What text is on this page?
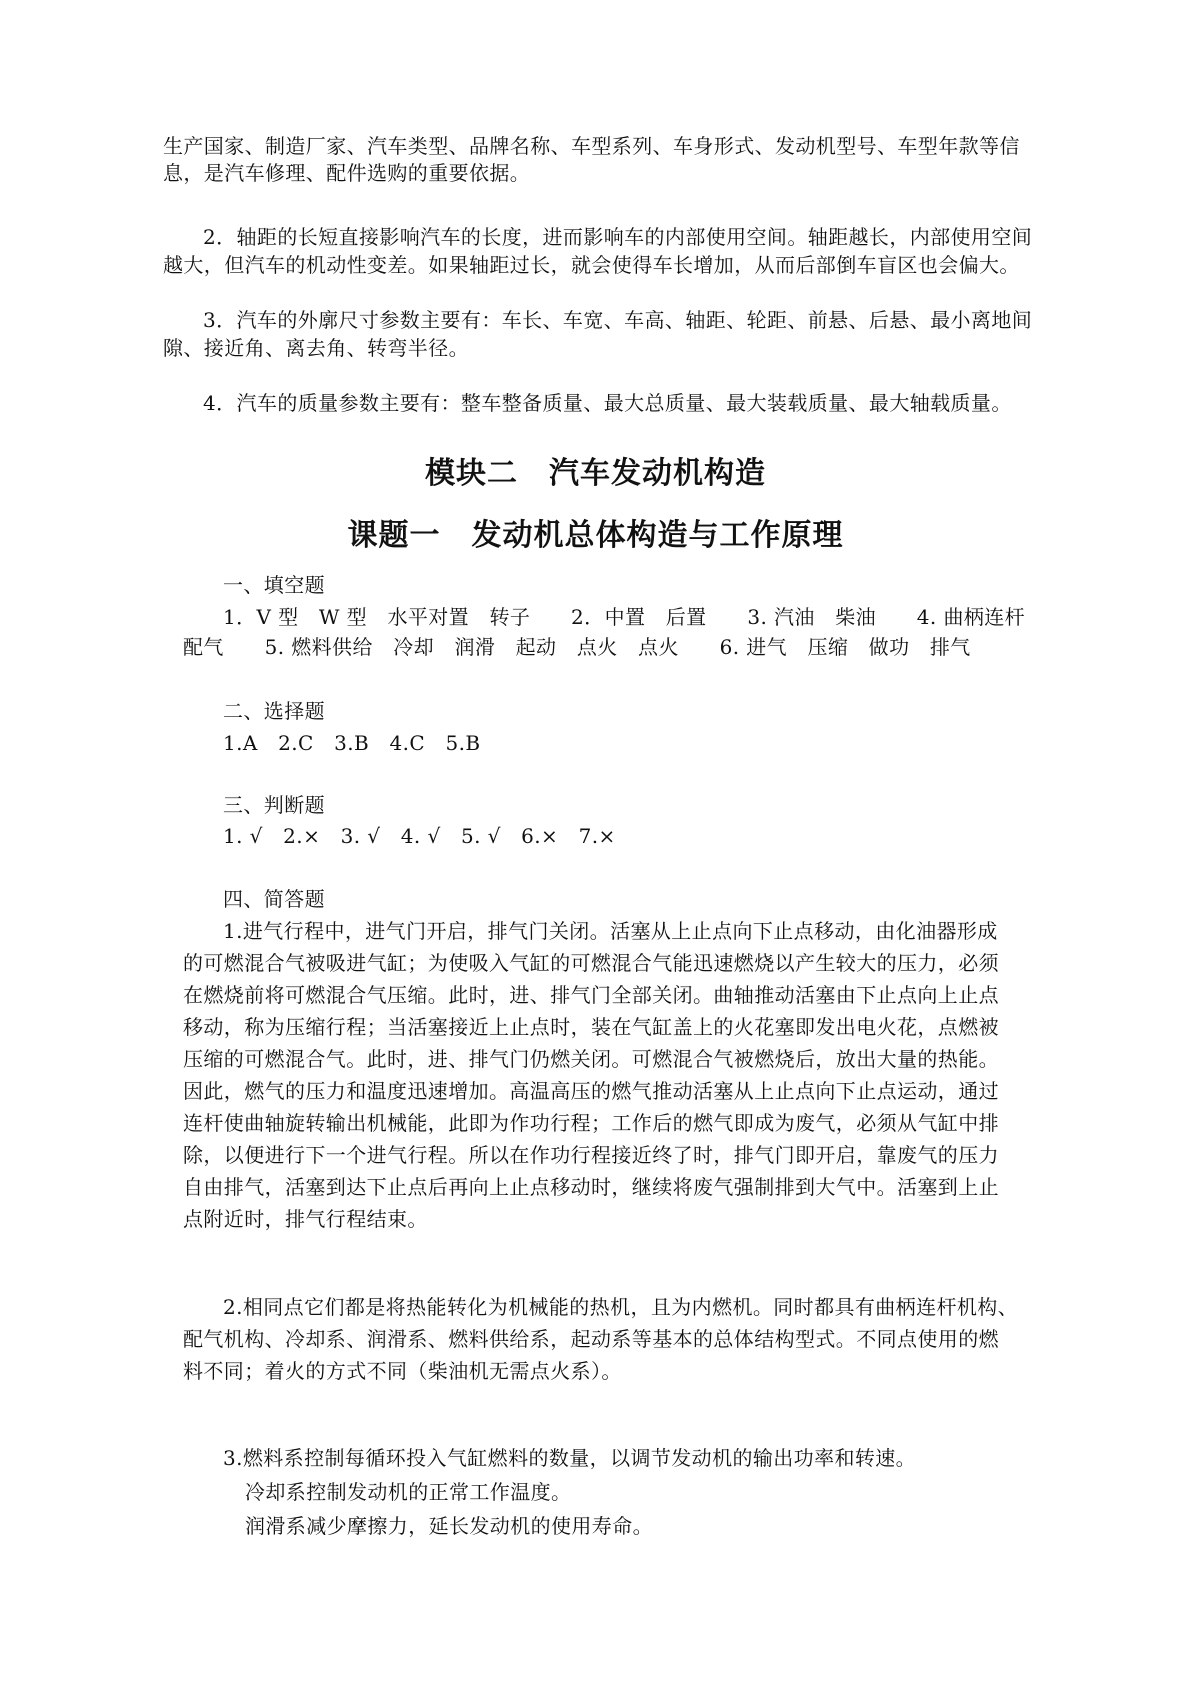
生产国家、制造厂家、汽车类型、品牌名称、车型系列、车身形式、发动机型号、车型年款等信
息，是汽车修理、配件选购的重要依据。
2．轴距的长短直接影响汽车的长度，进而影响车的内部使用空间。轴距越长，内部使用空间
越大，但汽车的机动性变差。如果轴距过长，就会使得车长增加，从而后部倒车盲区也会偏大。
3．汽车的外廓尺寸参数主要有：车长、车宽、车高、轴距、轮距、前悬、后悬、最小离地间
隙、接近角、离去角、转弯半径。
4．汽车的质量参数主要有：整车整备质量、最大总质量、最大装载质量、最大轴载质量。
模块二　汽车发动机构造
课题一　发动机总体构造与工作原理
一、填空题
1．V 型　W 型　水平对置　转子　　2．中置　后置　　3. 汽油　柴油　　4. 曲柄连杆
配气　　5. 燃料供给　冷却　润滑　起动　点火　点火　　6. 进气　压缩　做功　排气
二、选择题
1.A　2.C　3.B　4.C　5.B
三、判断题
1. √　2.×　3. √　4. √　5. √　6.×　7.×
四、简答题
1.进气行程中，进气门开启，排气门关闭。活塞从上止点向下止点移动，由化油器形成
的可燃混合气被吸进气缸；为使吸入气缸的可燃混合气能迅速燃烧以产生较大的压力，必须
在燃烧前将可燃混合气压缩。此时，进、排气门全部关闭。曲轴推动活塞由下止点向上止点
移动，称为压缩行程；当活塞接近上止点时，装在气缸盖上的火花塞即发出电火花，点燃被
压缩的可燃混合气。此时，进、排气门仍燃关闭。可燃混合气被燃烧后，放出大量的热能。
因此，燃气的压力和温度迅速增加。高温高压的燃气推动活塞从上止点向下止点运动，通过
连杆使曲轴旋转输出机械能，此即为作功行程；工作后的燃气即成为废气，必须从气缸中排
除，以便进行下一个进气行程。所以在作功行程接近终了时，排气门即开启，靠废气的压力
自由排气，活塞到达下止点后再向上止点移动时，继续将废气强制排到大气中。活塞到上止
点附近时，排气行程结束。
2.相同点它们都是将热能转化为机械能的热机，且为内燃机。同时都具有曲柄连杆机构、
配气机构、冷却系、润滑系、燃料供给系，起动系等基本的总体结构型式。不同点使用的燃
料不同；着火的方式不同（柴油机无需点火系）。
3.燃料系控制每循环投入气缸燃料的数量，以调节发动机的输出功率和转速。
冷却系控制发动机的正常工作温度。
润滑系减少摩擦力，延长发动机的使用寿命。
